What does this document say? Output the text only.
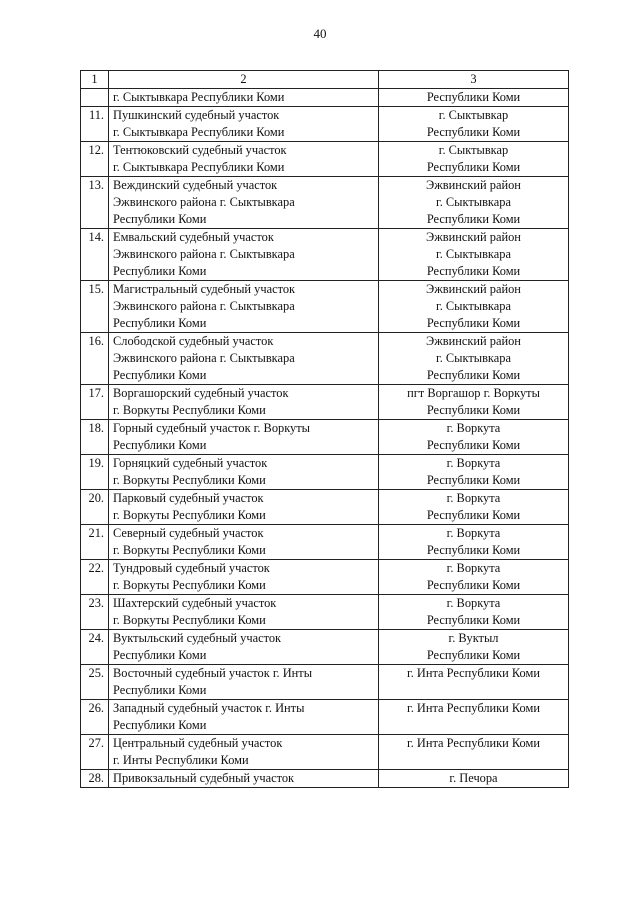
40
1	2	3

	г. Сыктывкара Республики Коми	Республики Коми

11.	Пушкинский судебный участок
г. Сыктывкара Республики Коми	г. Сыктывкар
Республики Коми

12.	Тентюковский судебный участок
г. Сыктывкара Республики Коми	г. Сыктывкар
Республики Коми

13.	Веждинский судебный участок
Эжвинского района г. Сыктывкара
Республики Коми	Эжвинский район
г. Сыктывкара
Республики Коми

14.	Емвальский судебный участок
Эжвинского района г. Сыктывкара
Республики Коми	Эжвинский район
г. Сыктывкара
Республики Коми

15.	Магистральный судебный участок
Эжвинского района г. Сыктывкара
Республики Коми	Эжвинский район
г. Сыктывкара
Республики Коми

16.	Слободской судебный участок
Эжвинского района г. Сыктывкара
Республики Коми	Эжвинский район
г. Сыктывкара
Республики Коми

17.	Воргашорский судебный участок
г. Воркуты Республики Коми	пгт Воргашор г. Воркуты
Республики Коми

18.	Горный судебный участок г. Воркуты
Республики Коми	г. Воркута
Республики Коми

19.	Горняцкий судебный участок
г. Воркуты Республики Коми	г. Воркута
Республики Коми

20.	Парковый судебный участок
г. Воркуты Республики Коми	г. Воркута
Республики Коми

21.	Северный судебный участок
г. Воркуты Республики Коми	г. Воркута
Республики Коми

22.	Тундровый судебный участок
г. Воркуты Республики Коми	г. Воркута
Республики Коми

23.	Шахтерский судебный участок
г. Воркуты Республики Коми	г. Воркута
Республики Коми

24.	Вуктыльский судебный участок
Республики Коми	г. Вуктыл
Республики Коми

25.	Восточный судебный участок г. Инты
Республики Коми	г. Инта Республики Коми

26.	Западный судебный участок г. Инты
Республики Коми	г. Инта Республики Коми

27.	Центральный судебный участок
г. Инты Республики Коми	г. Инта Республики Коми

28.	Привокзальный судебный участок	г. Печора
